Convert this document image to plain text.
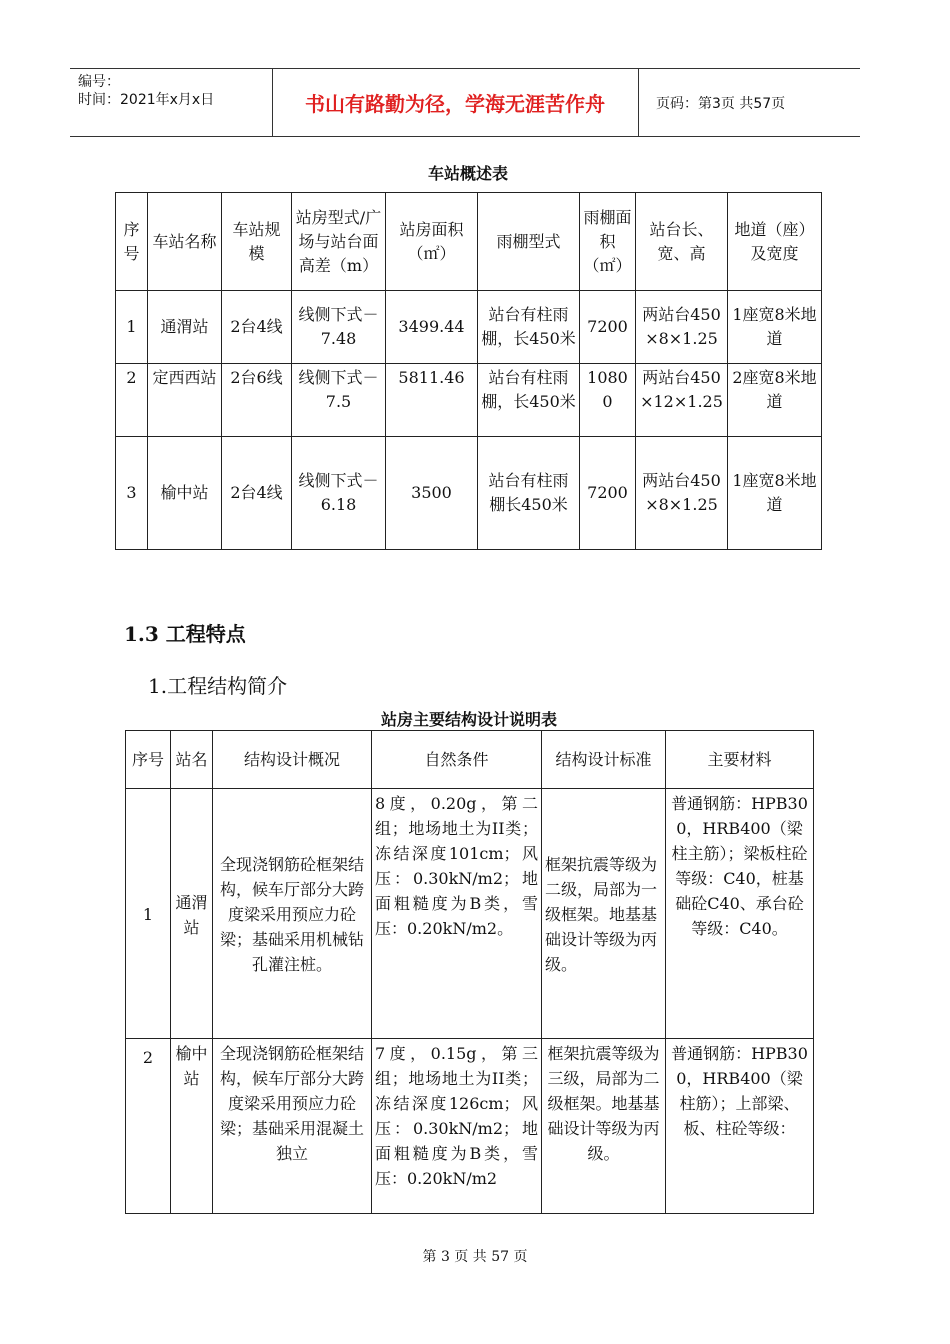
编号：
时间：2021年x月x日	书山有路勤为径，学海无涯苦作舟	页码：第3页 共57页
车站概述表
序号	车站名称	车站规模	站房型式/广场与站台面高差（m）	站房面积（㎡）	雨棚型式	雨棚面积（㎡）	站台长、宽、高	地道（座）及宽度
1	通渭站	2台4线	线侧下式－7.48	3499.44	站台有柱雨棚，长450米	7200	两站台450×8×1.25	1座宽8米地道
2	定西西站	2台6线	线侧下式－7.5	5811.46	站台有柱雨棚，长450米	10800	两站台450×12×1.25	2座宽8米地道
3	榆中站	2台4线	线侧下式－6.18	3500	站台有柱雨棚长450米	7200	两站台450×8×1.25	1座宽8米地道
1.3 工程特点
1.工程结构简介
站房主要结构设计说明表
序号	站名	结构设计概况	自然条件	结构设计标准	主要材料
1	通渭站	全现浇钢筋砼框架结构，候车厅部分大跨度梁采用预应力砼梁；基础采用机械钻孔灌注桩。	8度，0.20g，第二组；地场地土为II类；冻结深度101cm；风压：0.30kN/m2；地面粗糙度为B类，雪压：0.20kN/m2。	框架抗震等级为二级，局部为一级框架。地基基础设计等级为丙级。	普通钢筋：HPB300，HRB400（梁柱主筋）；梁板柱砼等级：C40，桩基础砼C40、承台砼等级：C40。
2	榆中站	全现浇钢筋砼框架结构，候车厅部分大跨度梁采用预应力砼梁；基础采用混凝土独立	7度，0.15g，第三组；地场地土为II类；冻结深度126cm；风压：0.30kN/m2；地面粗糙度为B类，雪压：0.20kN/m2	框架抗震等级为三级，局部为二级框架。地基基础设计等级为丙级。	普通钢筋：HPB300，HRB400（梁柱筋）；上部梁、板、柱砼等级：
第 3 页 共 57 页
